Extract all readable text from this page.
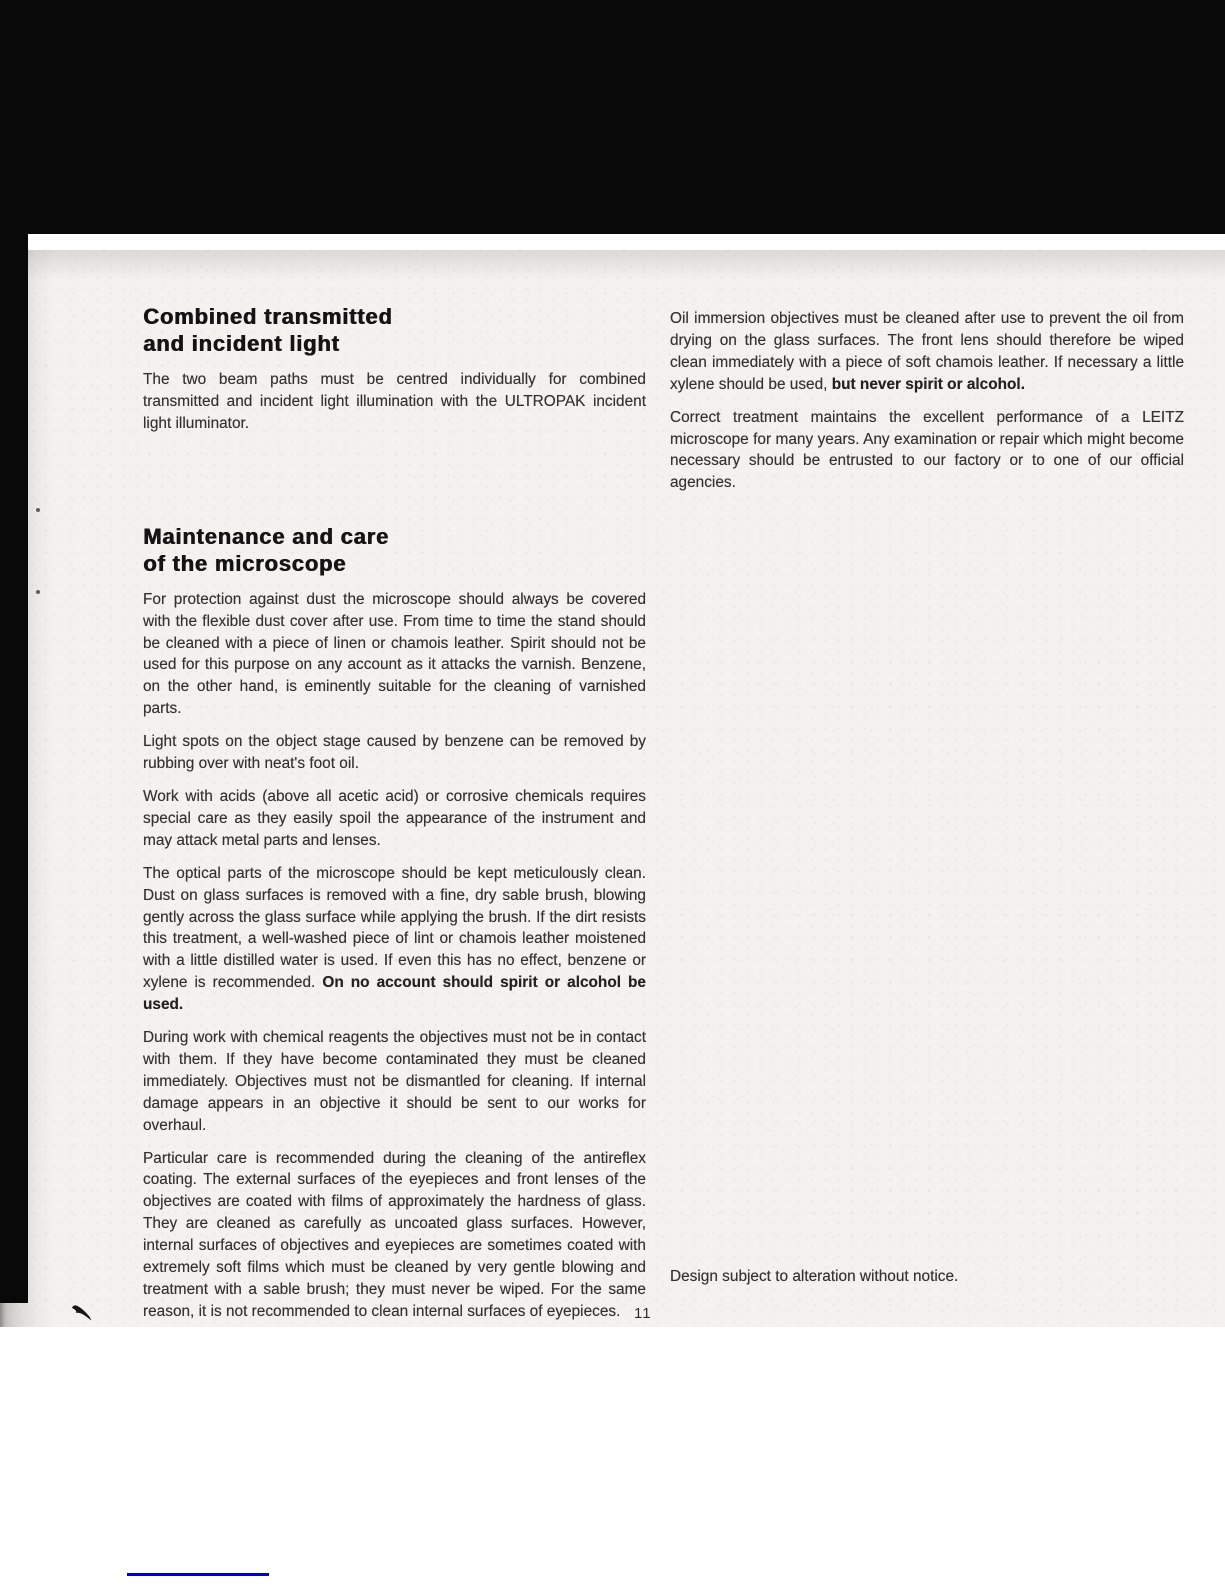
Combined transmitted
and incident light

The two beam paths must be centred individually for combined transmitted and incident light illumination with the ULTROPAK incident light illuminator.

Maintenance and care
of the microscope

For protection against dust the microscope should always be covered with the flexible dust cover after use. From time to time the stand should be cleaned with a piece of linen or chamois leather. Spirit should not be used for this purpose on any account as it attacks the varnish. Benzene, on the other hand, is eminently suitable for the cleaning of varnished parts.

Light spots on the object stage caused by benzene can be removed by rubbing over with neat's foot oil.

Work with acids (above all acetic acid) or corrosive chemicals requires special care as they easily spoil the appearance of the instrument and may attack metal parts and lenses.

The optical parts of the microscope should be kept meticulously clean. Dust on glass surfaces is removed with a fine, dry sable brush, blowing gently across the glass surface while applying the brush. If the dirt resists this treatment, a well-washed piece of lint or chamois leather moistened with a little distilled water is used. If even this has no effect, benzene or xylene is recommended. On no account should spirit or alcohol be used.

During work with chemical reagents the objectives must not be in contact with them. If they have become contaminated they must be cleaned immediately. Objectives must not be dismantled for cleaning. If internal damage appears in an objective it should be sent to our works for overhaul.

Particular care is recommended during the cleaning of the antireflex coating. The external surfaces of the eyepieces and front lenses of the objectives are coated with films of approximately the hardness of glass. They are cleaned as carefully as uncoated glass surfaces. However, internal surfaces of objectives and eyepieces are sometimes coated with extremely soft films which must be cleaned by very gentle blowing and treatment with a sable brush; they must never be wiped. For the same reason, it is not recommended to clean internal surfaces of eyepieces.

Oil immersion objectives must be cleaned after use to prevent the oil from drying on the glass surfaces. The front lens should therefore be wiped clean immediately with a piece of soft chamois leather. If necessary a little xylene should be used, but never spirit or alcohol.

Correct treatment maintains the excellent performance of a LEITZ microscope for many years. Any examination or repair which might become necessary should be entrusted to our factory or to one of our official agencies.

Design subject to alteration without notice.
11
